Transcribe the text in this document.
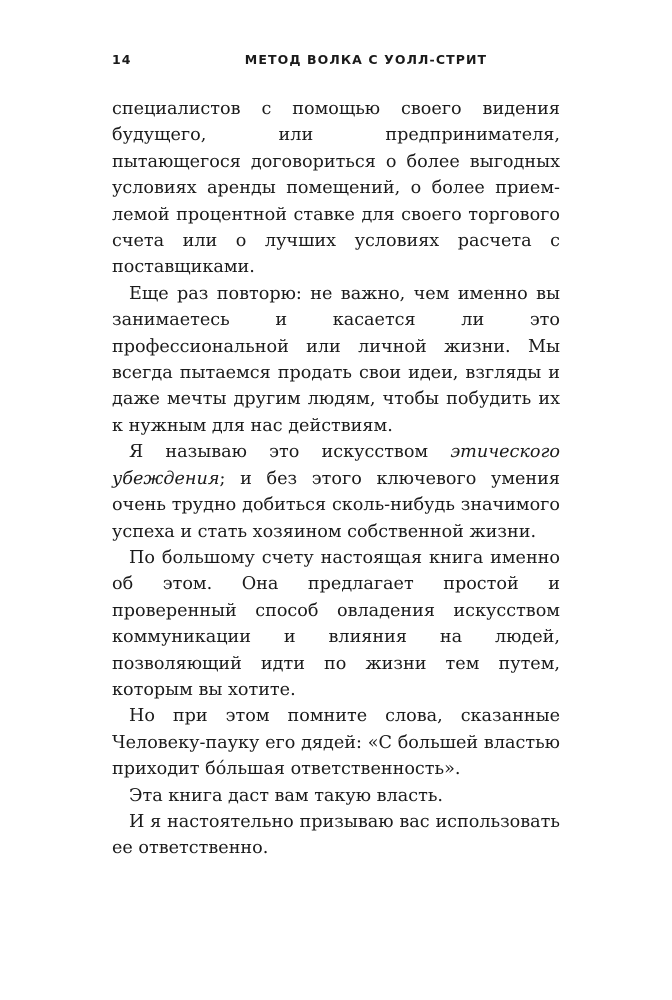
14	МЕТОД ВОЛКА С УОЛЛ-СТРИТ

специалистов с помощью своего видения будущего, или предпринимателя, пытающегося договориться о более выгодных условиях аренды помещений, о более приемлемой процентной ставке для своего торгового счета или о лучших условиях расчета с поставщиками.

Еще раз повторю: не важно, чем именно вы занимаетесь и касается ли это профессиональной или личной жизни. Мы всегда пытаемся продать свои идеи, взгляды и даже мечты другим людям, чтобы побудить их к нужным для нас действиям.

Я называю это искусством этического убеждения; и без этого ключевого умения очень трудно добиться сколь-нибудь значимого успеха и стать хозяином собственной жизни.

По большому счету настоящая книга именно об этом. Она предлагает простой и проверенный способ овладения искусством коммуникации и влияния на людей, позволяющий идти по жизни тем путем, которым вы хотите.

Но при этом помните слова, сказанные Человеку-пауку его дядей: «С большей властью приходит бóльшая ответственность».

Эта книга даст вам такую власть.

И я настоятельно призываю вас использовать ее ответственно.
